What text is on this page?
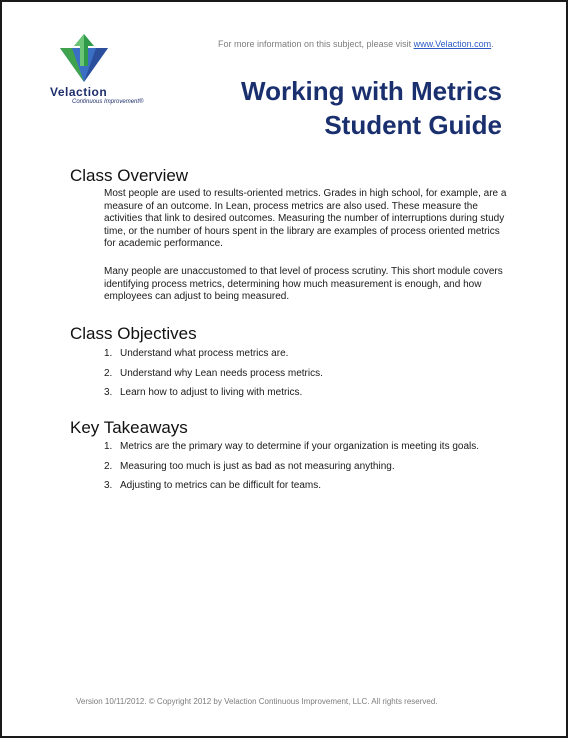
Velaction
Continuous Improvement®
For more information on this subject, please visit www.Velaction.com.
Working with Metrics
Student Guide
Class Overview

Most people are used to results-oriented metrics. Grades in high school, for example, are a measure of an outcome. In Lean, process metrics are also used. These measure the activities that link to desired outcomes. Measuring the number of interruptions during study time, or the number of hours spent in the library are examples of process oriented metrics for academic performance.

Many people are unaccustomed to that level of process scrutiny. This short module covers identifying process metrics, determining how much measurement is enough, and how employees can adjust to being measured.

Class Objectives
1. Understand what process metrics are.
2. Understand why Lean needs process metrics.
3. Learn how to adjust to living with metrics.
Key Takeaways
1. Metrics are the primary way to determine if your organization is meeting its goals.
2. Measuring too much is just as bad as not measuring anything.
3. Adjusting to metrics can be difficult for teams.
Version 10/11/2012. © Copyright 2012 by Velaction Continuous Improvement, LLC. All rights reserved.
